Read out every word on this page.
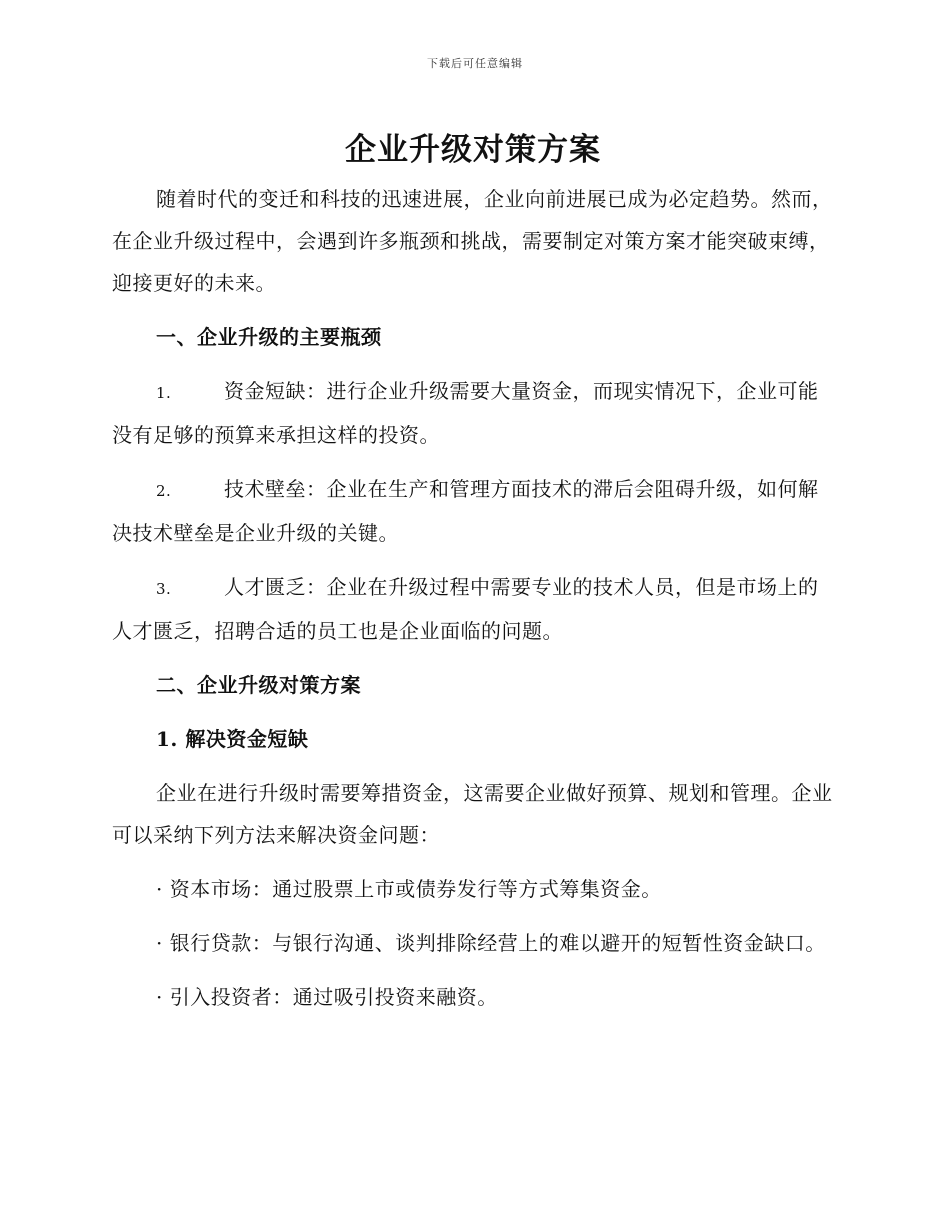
下载后可任意编辑
企业升级对策方案

随着时代的变迁和科技的迅速进展，企业向前进展已成为必定趋势。然而，在企业升级过程中，会遇到许多瓶颈和挑战，需要制定对策方案才能突破束缚，迎接更好的未来。

一、企业升级的主要瓶颈

1.	资金短缺：进行企业升级需要大量资金，而现实情况下，企业可能没有足够的预算来承担这样的投资。

2.	技术壁垒：企业在生产和管理方面技术的滞后会阻碍升级，如何解决技术壁垒是企业升级的关键。

3.	人才匮乏：企业在升级过程中需要专业的技术人员，但是市场上的人才匮乏，招聘合适的员工也是企业面临的问题。

二、企业升级对策方案
1. 解决资金短缺

企业在进行升级时需要筹措资金，这需要企业做好预算、规划和管理。企业可以采纳下列方法来解决资金问题：

· 资本市场：通过股票上市或债券发行等方式筹集资金。

· 银行贷款：与银行沟通、谈判排除经营上的难以避开的短暂性资金缺口。

· 引入投资者：通过吸引投资来融资。
